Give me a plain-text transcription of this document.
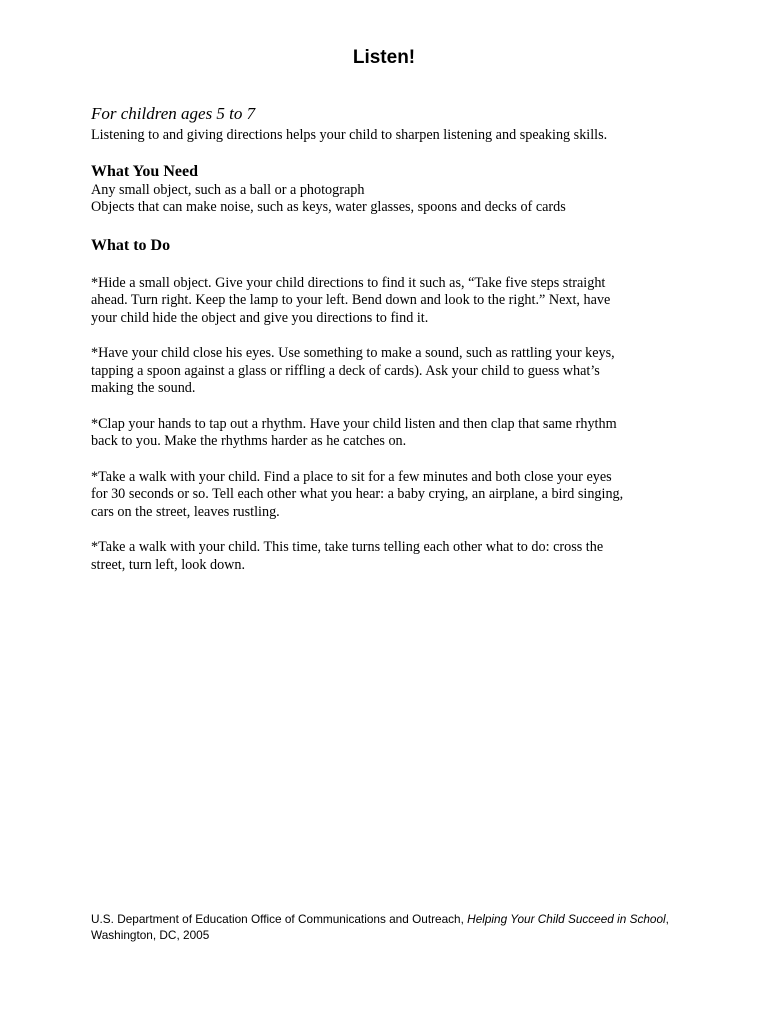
Listen!

For children ages 5 to 7

Listening to and giving directions helps your child to sharpen listening and speaking skills.

What You Need

Any small object, such as a ball or a photograph

Objects that can make noise, such as keys, water glasses, spoons and decks of cards

What to Do

*Hide a small object. Give your child directions to find it such as, “Take five steps straight ahead. Turn right. Keep the lamp to your left. Bend down and look to the right.” Next, have your child hide the object and give you directions to find it.

*Have your child close his eyes. Use something to make a sound, such as rattling your keys, tapping a spoon against a glass or riffling a deck of cards). Ask your child to guess what’s making the sound.

*Clap your hands to tap out a rhythm. Have your child listen and then clap that same rhythm back to you. Make the rhythms harder as he catches on.

*Take a walk with your child. Find a place to sit for a few minutes and both close your eyes for 30 seconds or so. Tell each other what you hear: a baby crying, an airplane, a bird singing, cars on the street, leaves rustling.

*Take a walk with your child. This time, take turns telling each other what to do: cross the street, turn left, look down.

U.S. Department of Education Office of Communications and Outreach, Helping Your Child Succeed in School, Washington, DC, 2005
